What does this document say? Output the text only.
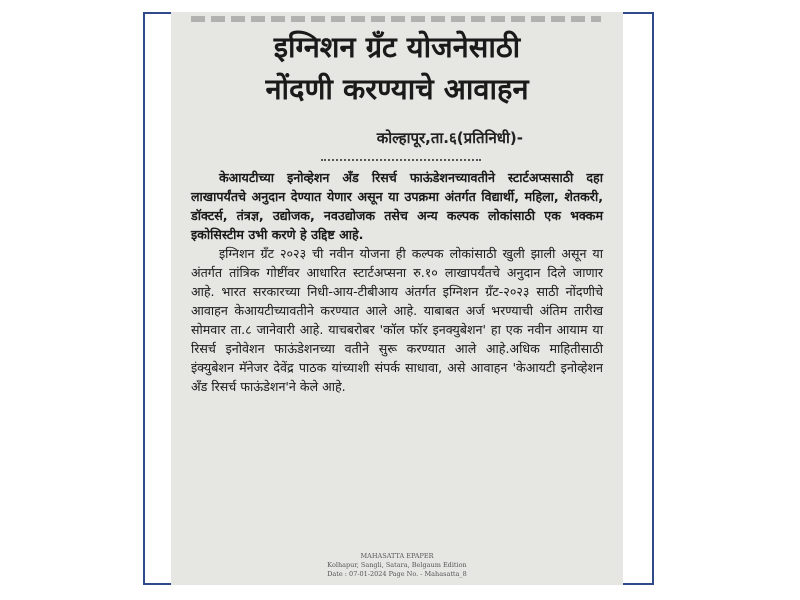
इग्निशन ग्रँट योजनेसाठी
नोंदणी करण्याचे आवाहन
कोल्हापूर,ता.६(प्रतिनिधी)-

केआयटीच्या इनोव्हेशन अँड रिसर्च फाऊंडेशनच्यावतीने स्टार्टअप्ससाठी दहा लाखापर्यंतचे अनुदान देण्यात येणार असून या उपक्रमा अंतर्गत विद्यार्थी, महिला, शेतकरी, डॉक्टर्स, तंत्रज्ञ, उद्योजक, नवउद्योजक तसेच अन्य कल्पक लोकांसाठी एक भक्कम इकोसिस्टीम उभी करणे हे उद्दिष्ट आहे.

इग्निशन ग्रँट २०२३ ची नवीन योजना ही कल्पक लोकांसाठी खुली झाली असून या अंतर्गत तांत्रिक गोष्टींवर आधारित स्टार्टअप्सना रु.१० लाखापर्यंतचे अनुदान दिले जाणार आहे. भारत सरकारच्या निधी-आय-टीबीआय अंतर्गत इग्निशन ग्रँट-२०२३ साठी नोंदणीचे आवाहन केआयटीच्यावतीने करण्यात आले आहे. याबाबत अर्ज भरण्याची अंतिम तारीख सोमवार ता.८ जानेवारी आहे. याचबरोबर 'कॉल फॉर इनक्युबेशन' हा एक नवीन आयाम या रिसर्च इनोवेशन फाऊंडेशनच्या वतीने सुरू करण्यात आले आहे.अधिक माहितीसाठी इंक्युबेशन मॅनेजर देवेंद्र पाठक यांच्याशी संपर्क साधावा, असे आवाहन 'केआयटी इनोव्हेशन अँड रिसर्च फाऊंडेशन'ने केले आहे.

MAHASATTA EPAPER
Kolhapur, Sangli, Satara, Belgaum Edition
Date : 07-01-2024 Page No. - Mahasatta_8
